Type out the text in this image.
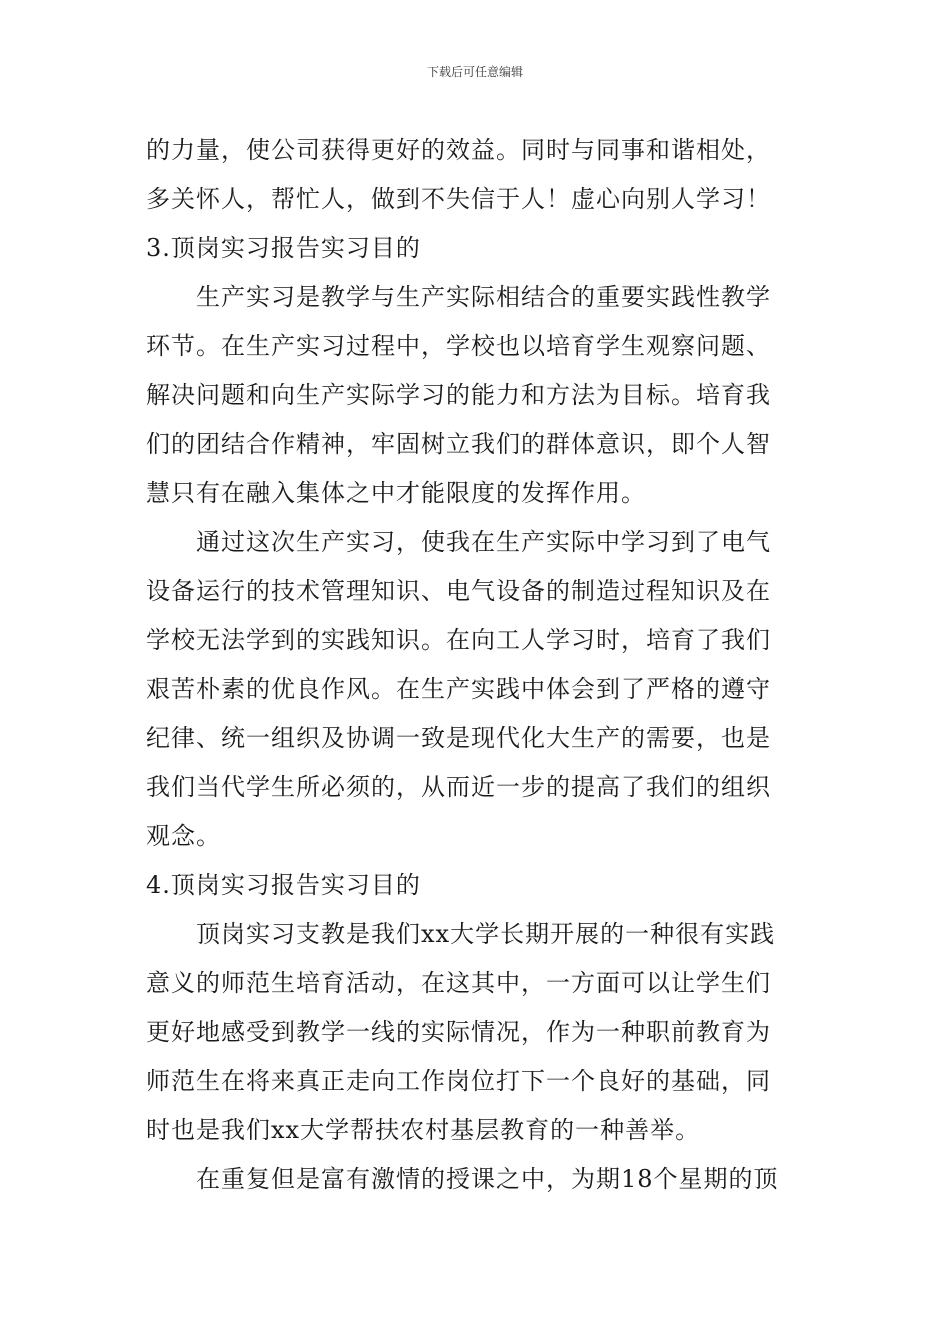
下载后可任意编辑
的力量，使公司获得更好的效益。同时与同事和谐相处，
多关怀人，帮忙人，做到不失信于人！虚心向别人学习！
3.顶岗实习报告实习目的
生产实习是教学与生产实际相结合的重要实践性教学
环节。在生产实习过程中，学校也以培育学生观察问题、
解决问题和向生产实际学习的能力和方法为目标。培育我
们的团结合作精神，牢固树立我们的群体意识，即个人智
慧只有在融入集体之中才能限度的发挥作用。
通过这次生产实习，使我在生产实际中学习到了电气
设备运行的技术管理知识、电气设备的制造过程知识及在
学校无法学到的实践知识。在向工人学习时，培育了我们
艰苦朴素的优良作风。在生产实践中体会到了严格的遵守
纪律、统一组织及协调一致是现代化大生产的需要，也是
我们当代学生所必须的，从而近一步的提高了我们的组织
观念。
4.顶岗实习报告实习目的
顶岗实习支教是我们xx大学长期开展的一种很有实践
意义的师范生培育活动，在这其中，一方面可以让学生们
更好地感受到教学一线的实际情况，作为一种职前教育为
师范生在将来真正走向工作岗位打下一个良好的基础，同
时也是我们xx大学帮扶农村基层教育的一种善举。
在重复但是富有激情的授课之中，为期18个星期的顶
